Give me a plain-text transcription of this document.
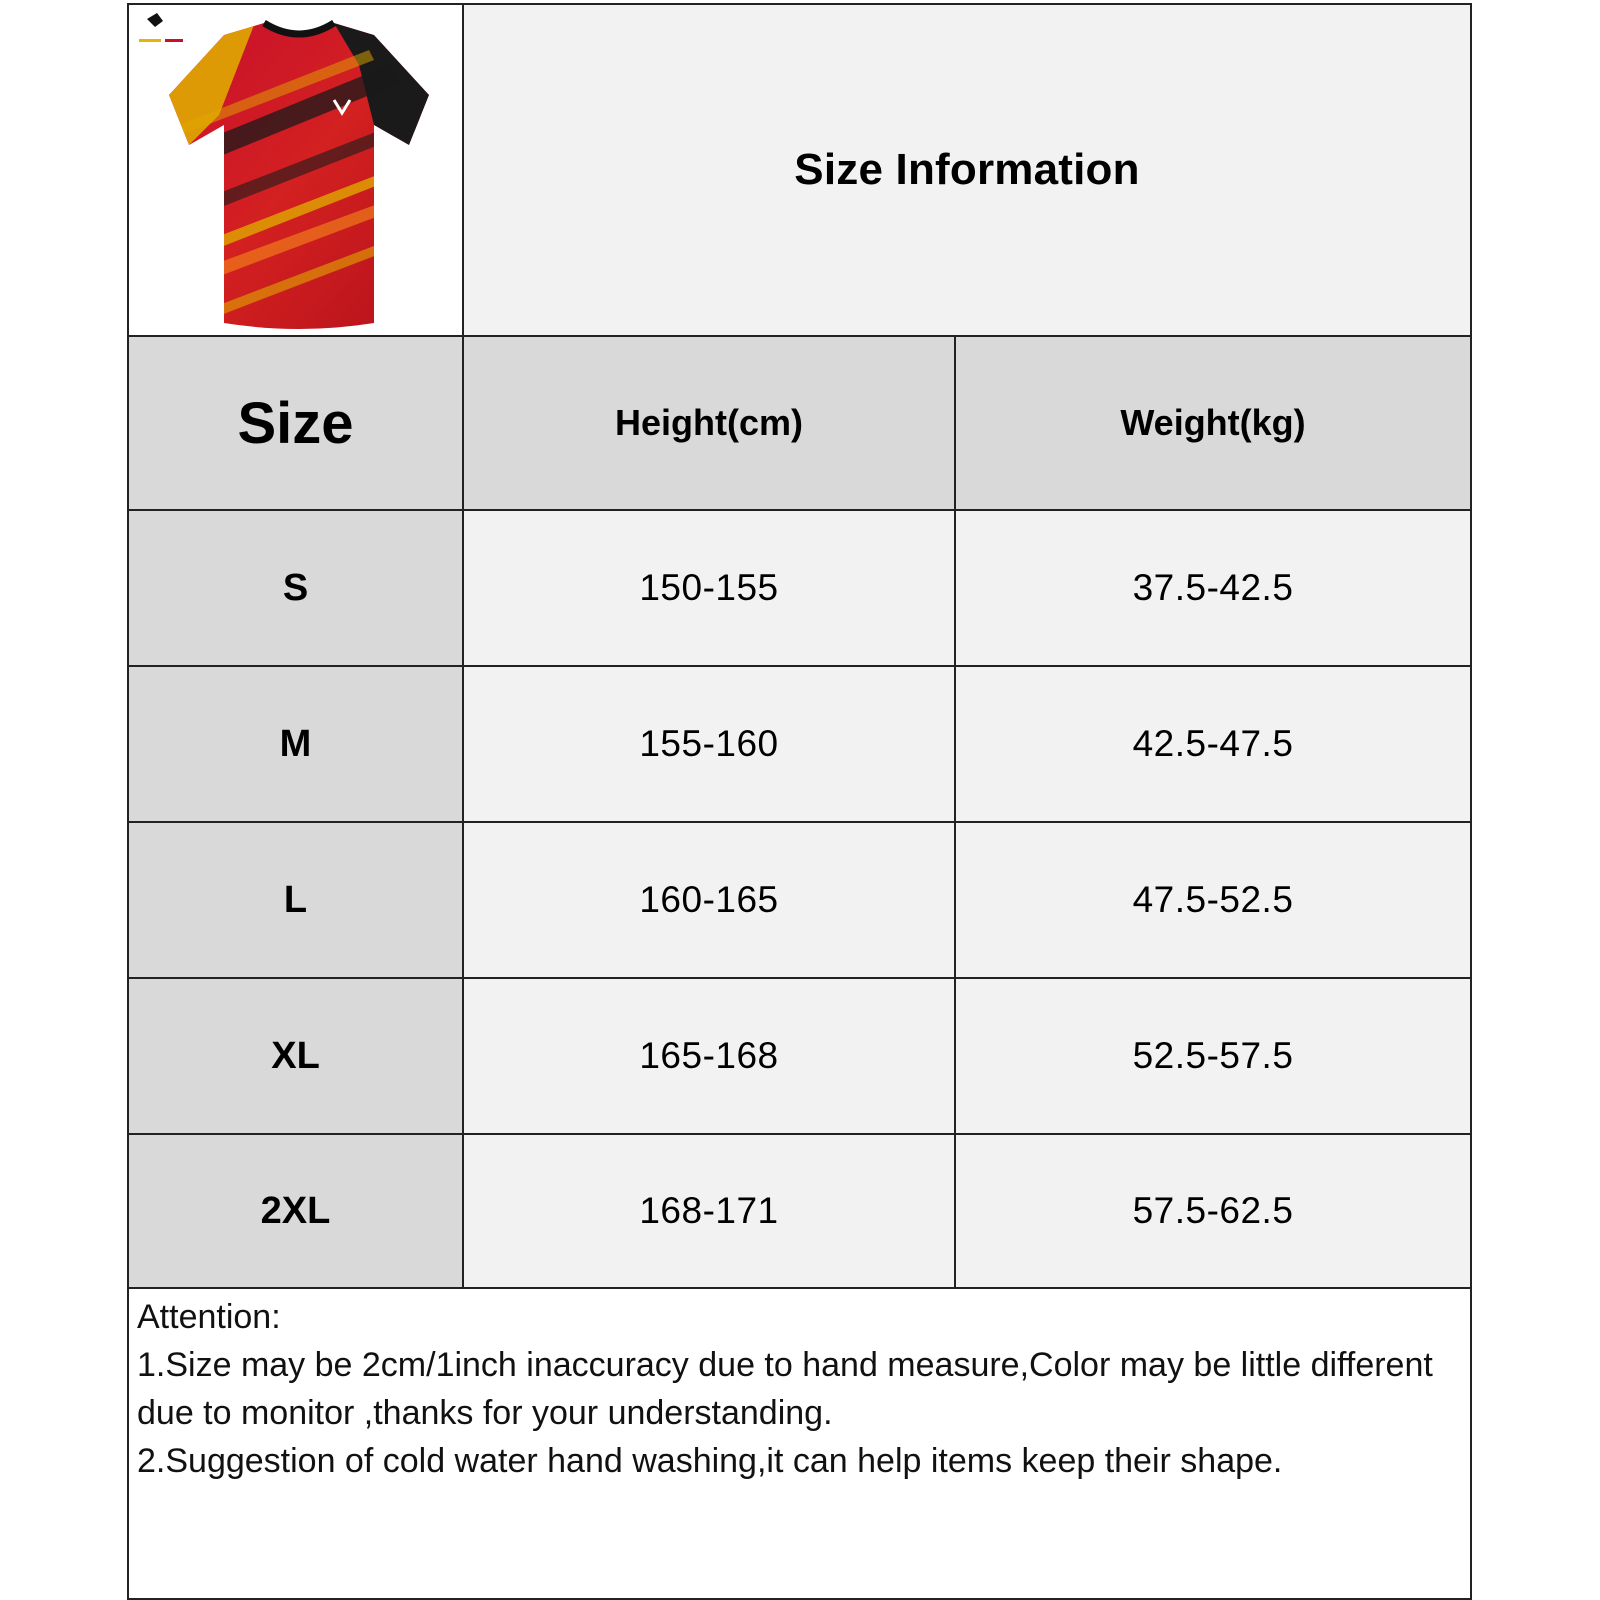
Size Information
Size	Height(cm)	Weight(kg)
S	150-155	37.5-42.5
M	155-160	42.5-47.5
L	160-165	47.5-52.5
XL	165-168	52.5-57.5
2XL	168-171	57.5-62.5
Attention:
1.Size may be 2cm/1inch inaccuracy due to hand measure,Color may be little different due to monitor ,thanks for your understanding.
2.Suggestion of cold water hand washing,it can help items keep their shape.
